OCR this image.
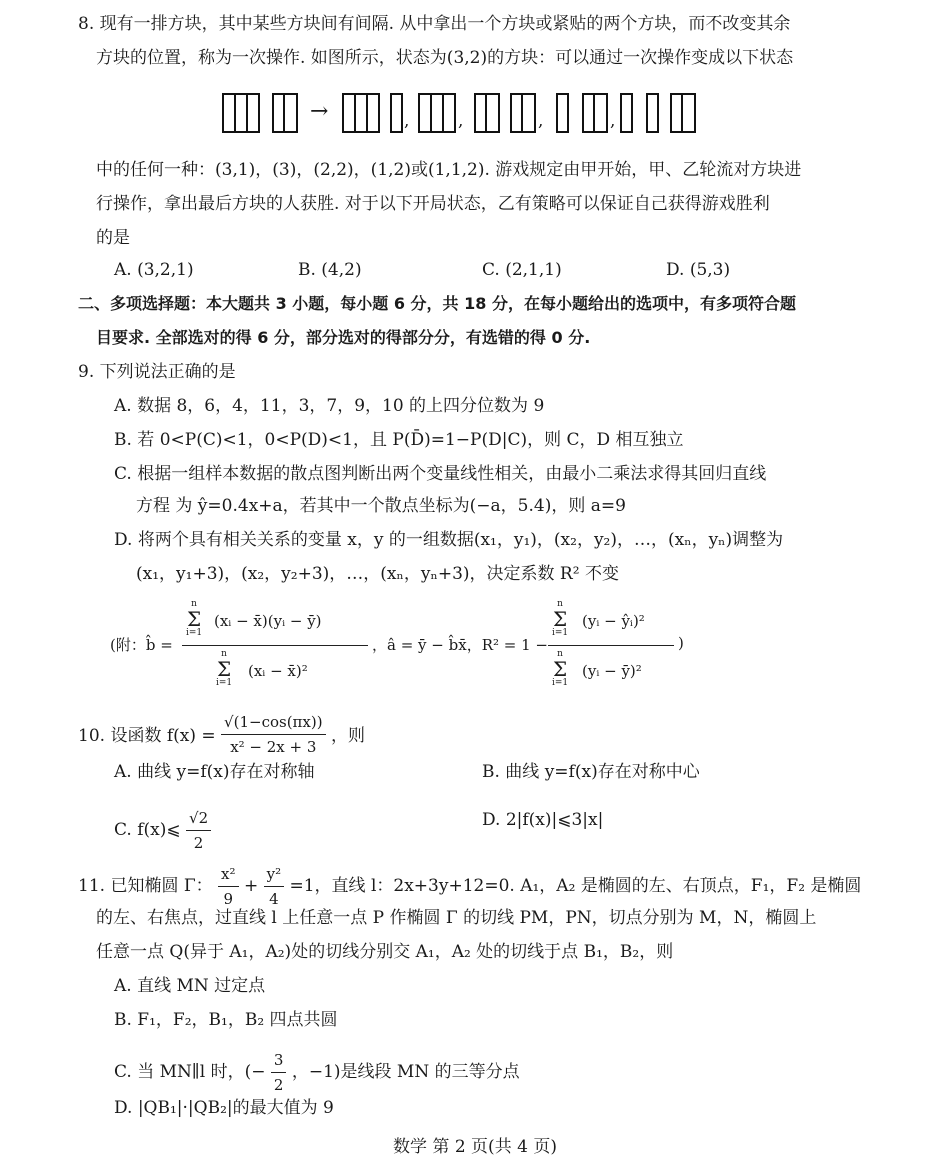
8. 现有一排方块，其中某些方块间有间隔. 从中拿出一个方块或紧贴的两个方块，而不改变其余
方块的位置，称为一次操作. 如图所示，状态为(3,2)的方块：可以通过一次操作变成以下状态
→	,	,	,	,
中的任何一种：(3,1)，(3)，(2,2)，(1,2)或(1,1,2). 游戏规定由甲开始，甲、乙轮流对方块进
行操作，拿出最后方块的人获胜. 对于以下开局状态，乙有策略可以保证自己获得游戏胜利
的是
A. (3,2,1)	B. (4,2)	C. (2,1,1)	D. (5,3)
二、多项选择题：本大题共 3 小题，每小题 6 分，共 18 分，在每小题给出的选项中，有多项符合题
目要求. 全部选对的得 6 分，部分选对的得部分分，有选错的得 0 分.
9. 下列说法正确的是
A. 数据 8，6，4，11，3，7，9，10 的上四分位数为 9
B. 若 0<P(C)<1，0<P(D)<1，且 P(D̄)=1−P(D|C)，则 C，D 相互独立
C. 根据一组样本数据的散点图判断出两个变量线性相关，由最小二乘法求得其回归直线
方程 为 ŷ=0.4x+a，若其中一个散点坐标为(−a，5.4)，则 a=9
D. 将两个具有相关关系的变量 x，y 的一组数据(x₁，y₁)，(x₂，y₂)，…，(xₙ，yₙ)调整为
(x₁，y₁+3)，(x₂，y₂+3)，…，(xₙ，yₙ+3)，决定系数 R² 不变
(附：b̂ =
n
Σ
i=1
(xᵢ − x̄)(yᵢ − ȳ)
n
Σ
i=1
(xᵢ − x̄)²
，â = ȳ − b̂x̄，R² = 1 −
n
Σ
i=1
(yᵢ − ŷᵢ)²
n
Σ
i=1
(yᵢ − ȳ)²
)
10. 设函数 $f(x) = \frac{√(1-\cos(\pi x))}{\text{x² − 2x + 3}}$ ，则
A. 曲线 y=f(x)存在对称轴	B. 曲线 y=f(x)存在对称中心
C. f(x)⩽ $\frac{√2}{2}$	D. 2|f(x)|⩽3|x|
11. 已知椭圆 Γ： $\frac{\text{x²}}{9} + \frac{\text{y²}}{4} =1$，直线 l：2x+3y+12=0. A₁，A₂ 是椭圆的左、右顶点，F₁，F₂ 是椭圆
的左、右焦点，过直线 l 上任意一点 P 作椭圆 Γ 的切线 PM，PN，切点分别为 M，N，椭圆上
任意一点 Q(异于 A₁，A₂)处的切线分别交 A₁，A₂ 处的切线于点 B₁，B₂，则
A. 直线 MN 过定点
B. F₁，F₂，B₁，B₂ 四点共圆
C. 当 MN∥l 时，(− $\frac{3}{2}$ ，−1)是线段 MN 的三等分点
D. |QB₁|·|QB₂|的最大值为 9
数学 第 2 页(共 4 页)
